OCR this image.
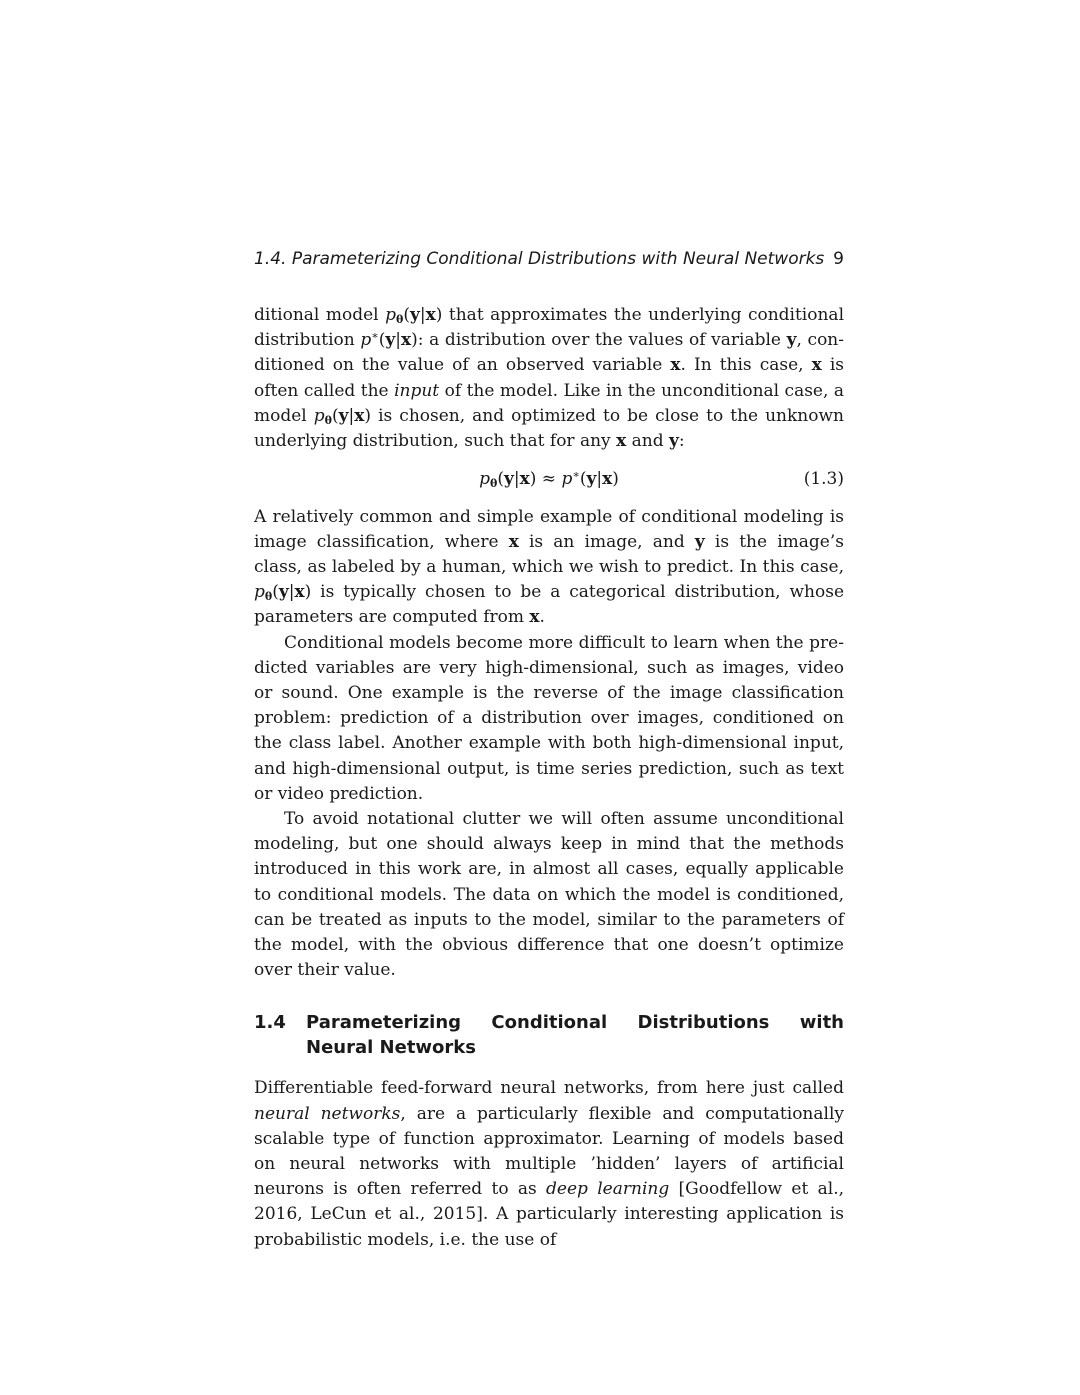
1.4. Parameterizing Conditional Distributions with Neural Networks 9

ditional model $p_\theta(y|x)$ that approximates the underlying conditional distribution p∗(y|x): a distribution over the values of variable y, conditioned on the value of an observed variable x. In this case, x is often called the input of the model. Like in the unconditional case, a model $p_\theta(y|x)$ is chosen, and optimized to be close to the unknown underlying distribution, such that for any x and y:

$p_\theta(y|x) \approx p^∗(y|x)$	(1.3)

A relatively common and simple example of conditional modeling is image classification, where x is an image, and y is the image’s class, as labeled by a human, which we wish to predict. In this case, $p_\theta(y|x)$ is typically chosen to be a categorical distribution, whose parameters are computed from x.

Conditional models become more difficult to learn when the predicted variables are very high-dimensional, such as images, video or sound. One example is the reverse of the image classification problem: prediction of a distribution over images, conditioned on the class label. Another example with both high-dimensional input, and high-dimensional output, is time series prediction, such as text or video prediction.

To avoid notational clutter we will often assume unconditional modeling, but one should always keep in mind that the methods introduced in this work are, in almost all cases, equally applicable to conditional models. The data on which the model is conditioned, can be treated as inputs to the model, similar to the parameters of the model, with the obvious difference that one doesn’t optimize over their value.

1.4	Parameterizing Conditional Distributions with Neural Networks

Differentiable feed-forward neural networks, from here just called neural networks, are a particularly flexible and computationally scalable type of function approximator. Learning of models based on neural networks with multiple ’hidden’ layers of artificial neurons is often referred to as deep learning [Goodfellow et al., 2016, LeCun et al., 2015]. A particularly interesting application is probabilistic models, i.e. the use of
